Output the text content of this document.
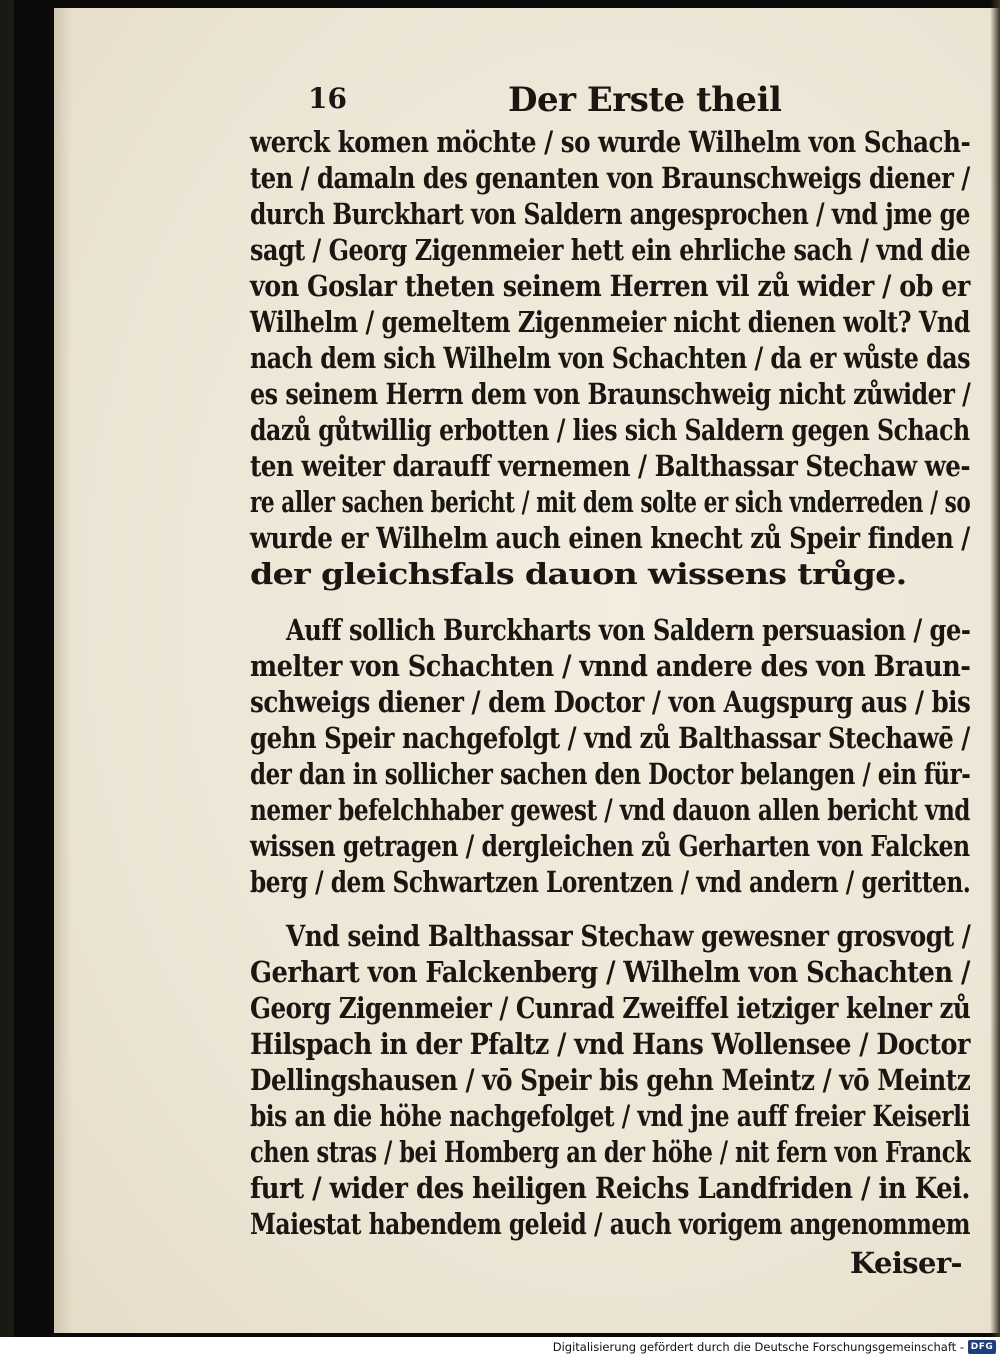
16	Der Erste theil
werck komen möchte / so wurde Wilhelm von Schach-
ten / damaln des genanten von Braunschweigs diener /
durch Burckhart von Saldern angesprochen / vnd jme ge
sagt / Georg Zigenmeier hett ein ehrliche sach / vnd die
von Goslar theten seinem Herren vil zů wider / ob er
Wilhelm / gemeltem Zigenmeier nicht dienen wolt? Vnd
nach dem sich Wilhelm von Schachten / da er wůste das
es seinem Herrn dem von Braunschweig nicht zůwider /
dazů gůtwillig erbotten / lies sich Saldern gegen Schach
ten weiter darauff vernemen / Balthassar Stechaw we-
re aller sachen bericht / mit dem solte er sich vnderreden / so
wurde er Wilhelm auch einen knecht zů Speir finden /
der gleichsfals dauon wissens trůge.
Auff sollich Burckharts von Saldern persuasion / ge-
melter von Schachten / vnnd andere des von Braun-
schweigs diener / dem Doctor / von Augspurg aus / bis
gehn Speir nachgefolgt / vnd zů Balthassar Stechawē /
der dan in sollicher sachen den Doctor belangen / ein für-
nemer befelchhaber gewest / vnd dauon allen bericht vnd
wissen getragen / dergleichen zů Gerharten von Falcken
berg / dem Schwartzen Lorentzen / vnd andern / geritten.
Vnd seind Balthassar Stechaw gewesner grosvogt /
Gerhart von Falckenberg / Wilhelm von Schachten /
Georg Zigenmeier / Cunrad Zweiffel ietziger kelner zů
Hilspach in der Pfaltz / vnd Hans Wollensee / Doctor
Dellingshausen / vō Speir bis gehn Meintz / vō Meintz
bis an die höhe nachgefolget / vnd jne auff freier Keiserli
chen stras / bei Homberg an der höhe / nit fern von Franck
furt / wider des heiligen Reichs Landfriden / in Kei.
Maiestat habendem geleid / auch vorigem angenommem
Keiser-
Digitalisierung gefördert durch die Deutsche Forschungsgemeinschaft - DFG
